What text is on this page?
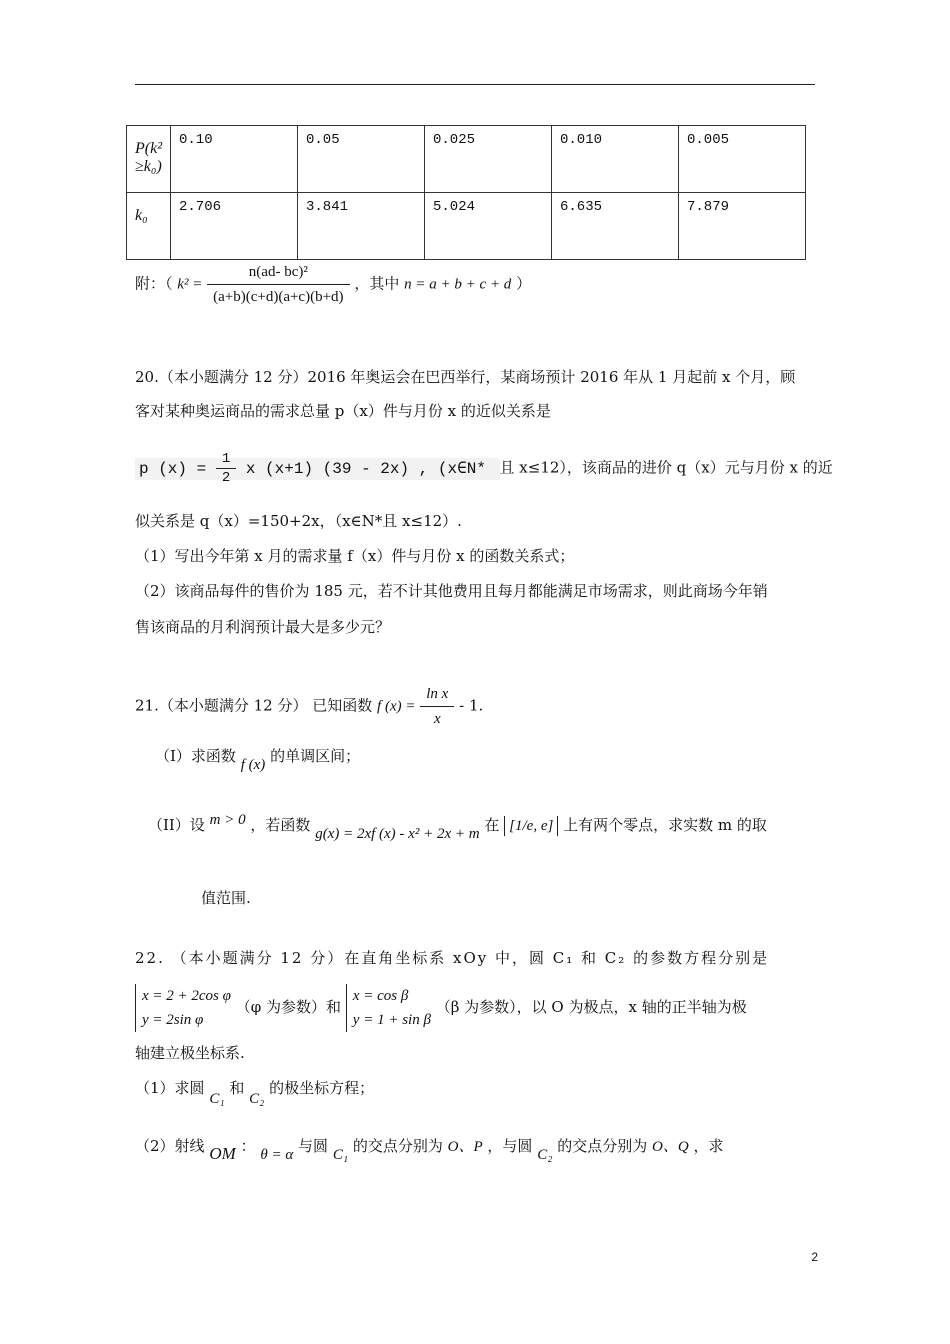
P(k² ≥k₀)	0.10	0.05	0.025	0.010	0.005
k₀	2.706	3.841	5.024	6.635	7.879
附：（ $k^2 = \frac{\text{n(ad- bc)²}}{(a+b)(c+d)(a+c)(b+d)}$ ，其中 n = a + b + c + d ）
20.（本小题满分 12 分）2016 年奥运会在巴西举行，某商场预计 2016 年从 1 月起前 x 个月，顾
客对某种奥运商品的需求总量 p（x）件与月份 x 的近似关系是
p $(x) = \frac{1}{2}$ x (x+1) (39 - 2x) , (x∈N* 且 x≤12），该商品的进价 q（x）元与月份 x 的近
似关系是 q（x）=150+2x，（x∈N*且 x≤12）.
（1）写出今年第 x 月的需求量 f（x）件与月份 x 的函数关系式；
（2）该商品每件的售价为 185 元，若不计其他费用且每月都能满足市场需求，则此商场今年销
售该商品的月利润预计最大是多少元？
21.（本小题满分 12 分） 已知函数 f $(x) = \frac{\text{ln x}}{x} - 1$.
（I）求函数 f (x) 的单调区间；
（II）设 m > 0 ，若函数 g(x) = 2xf (x) - x² + 2x + m 在 [1/e, e] 上有两个零点，求实数 m 的取
值范围.
22. （本小题满分 12 分）在直角坐标系 xOy 中，圆 C₁ 和 C₂ 的参数方程分别是
x = 2 + 2cos φ
y = 2sin φ
（φ 为参数）和
x = cos β
y = 1 + sin β
（β 为参数），以 O 为极点，x 轴的正半轴为极
轴建立极坐标系.
（1）求圆 C₁ 和 C₂ 的极坐标方程；
（2）射线 OM ： θ = α 与圆 C₁ 的交点分别为 O、P ，与圆 C₂ 的交点分别为 O、Q ，求
2
